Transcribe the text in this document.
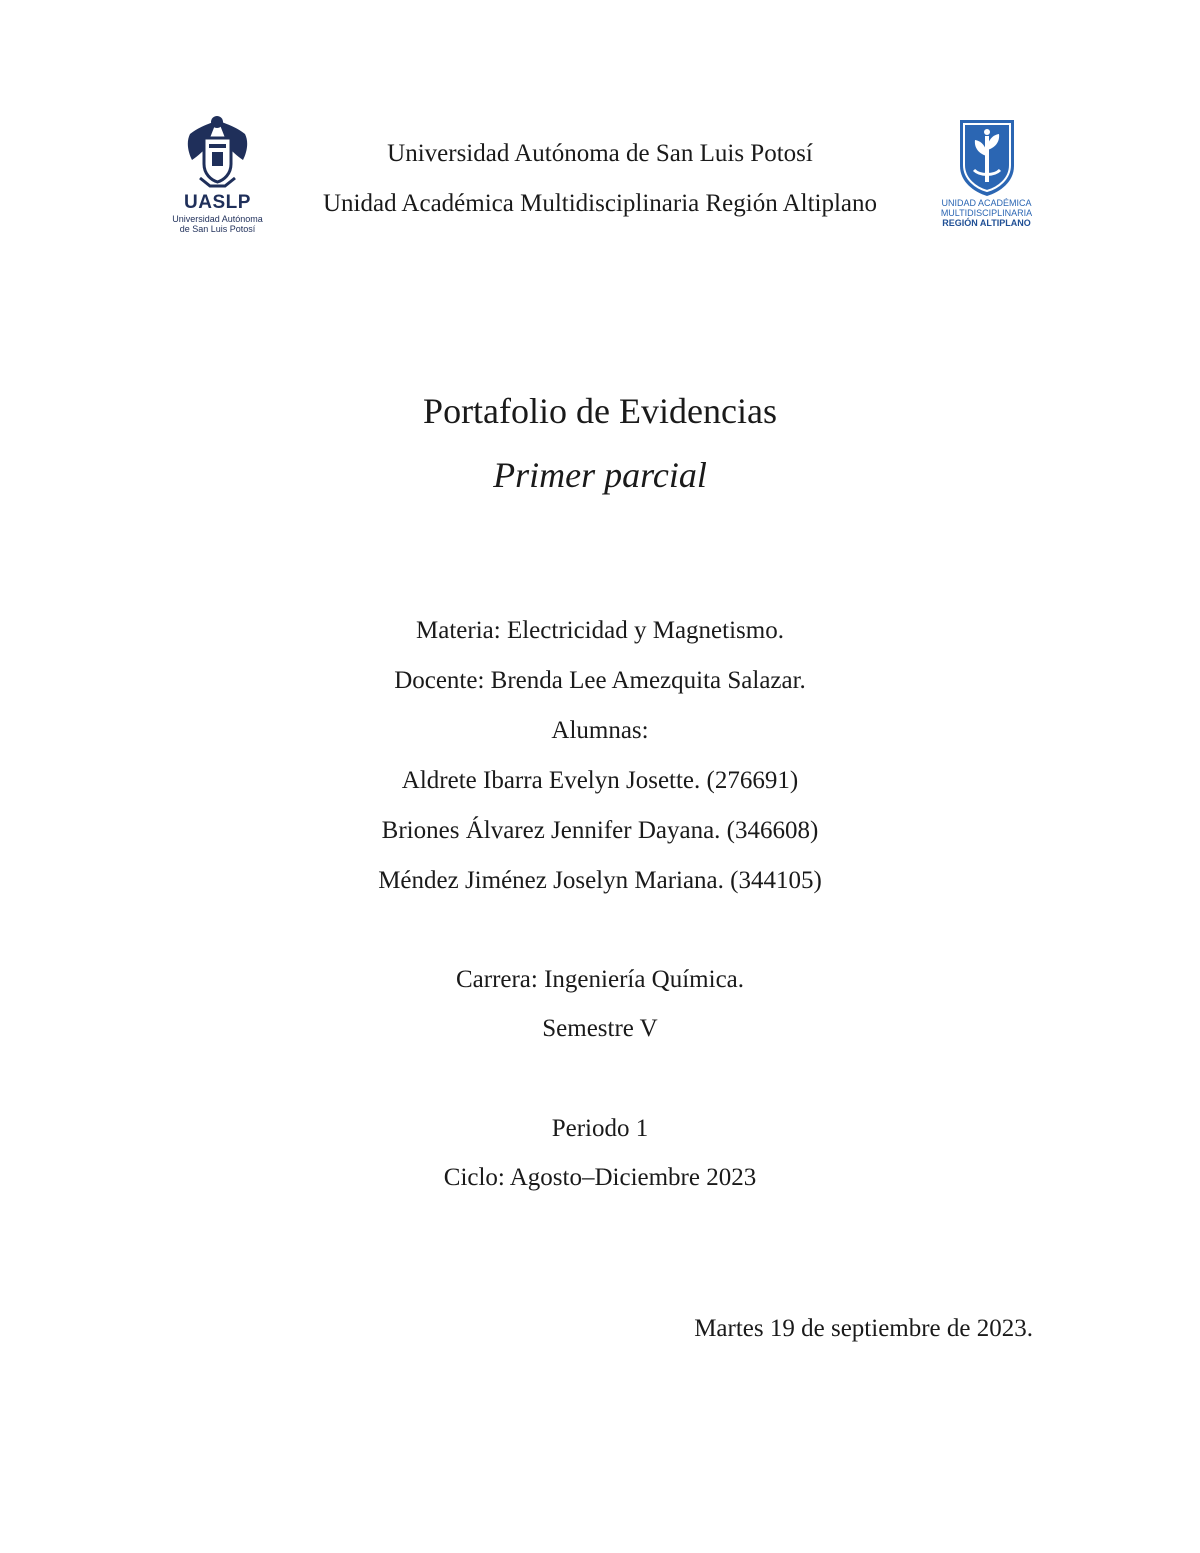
UASLP
Universidad Autónoma
de San Luis Potosí
Universidad Autónoma de San Luis Potosí
Unidad Académica Multidisciplinaria Región Altiplano	UNIDAD ACADÉMICA
MULTIDISCIPLINARIA
REGIÓN ALTIPLANO
Portafolio de Evidencias
Primer parcial
Materia: Electricidad y Magnetismo.
Docente: Brenda Lee Amezquita Salazar.
Alumnas:
Aldrete Ibarra Evelyn Josette. (276691)
Briones Álvarez Jennifer Dayana. (346608)
Méndez Jiménez Joselyn Mariana. (344105)
Carrera: Ingeniería Química.
Semestre V
Periodo 1
Ciclo: Agosto–Diciembre 2023
Martes 19 de septiembre de 2023.
